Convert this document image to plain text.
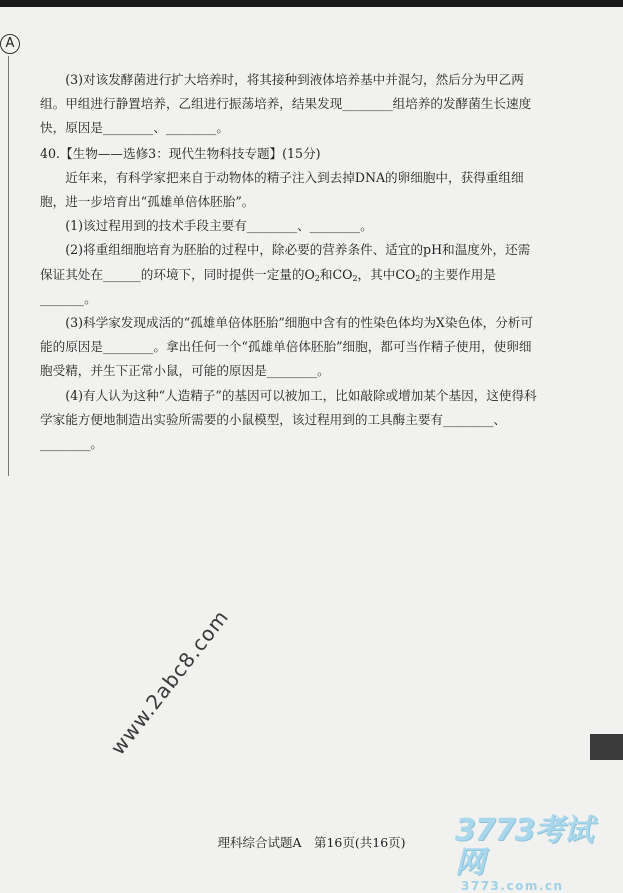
A

(3)对该发酵菌进行扩大培养时，将其接种到液体培养基中并混匀，然后分为甲乙两组。甲组进行静置培养，乙组进行振荡培养，结果发现________组培养的发酵菌生长速度快，原因是________、________。

40.【生物——选修3：现代生物科技专题】(15分)

近年来，有科学家把来自于动物体的精子注入到去掉DNA的卵细胞中，获得重组细胞，进一步培育出“孤雄单倍体胚胎”。

(1)该过程用到的技术手段主要有________、________。

(2)将重组细胞培育为胚胎的过程中，除必要的营养条件、适宜的pH和温度外，还需保证其处在______的环境下，同时提供一定量的$O_2$和$CO_2$，其中$CO_2$的主要作用是_______。

(3)科学家发现成活的“孤雄单倍体胚胎”细胞中含有的性染色体均为X染色体，分析可能的原因是________。拿出任何一个“孤雄单倍体胚胎”细胞，都可当作精子使用，使卵细胞受精，并生下正常小鼠，可能的原因是________。

(4)有人认为这种“人造精子”的基因可以被加工，比如敲除或增加某个基因，这使得科学家能方便地制造出实验所需要的小鼠模型，该过程用到的工具酶主要有________、________。

www.2abc8.com
理科综合试题A　第16页(共16页)	3773考试网
3773.com.cn
